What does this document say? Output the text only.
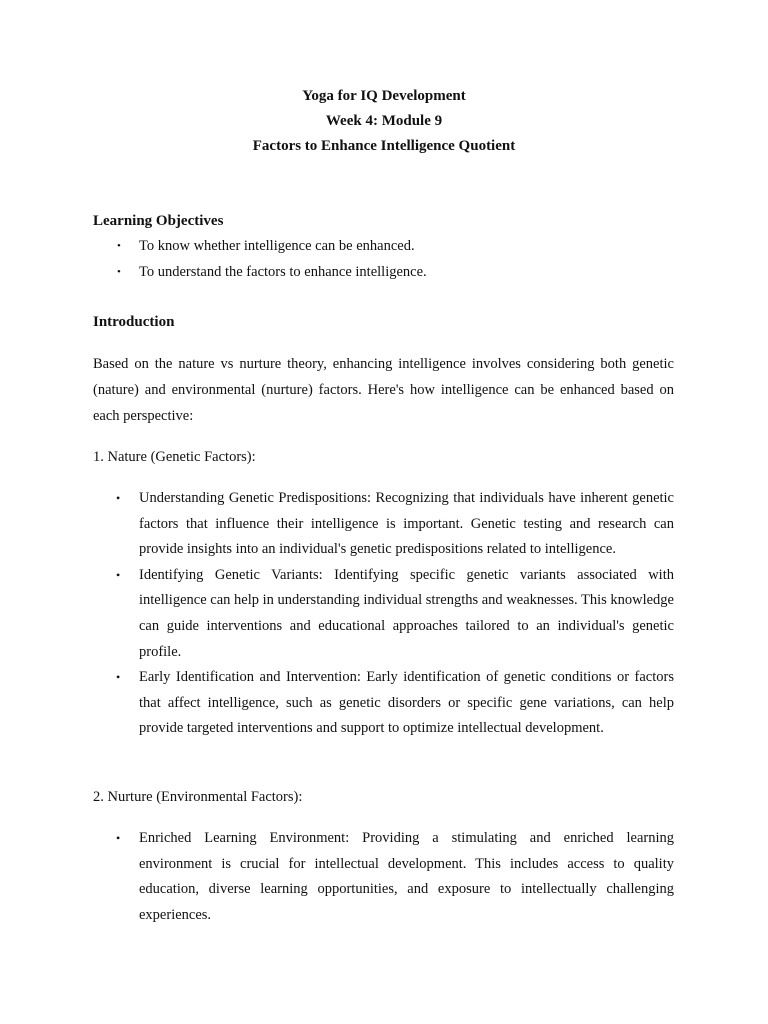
Yoga for IQ Development
Week 4: Module 9
Factors to Enhance Intelligence Quotient
Learning Objectives
• To know whether intelligence can be enhanced.
• To understand the factors to enhance intelligence.
Introduction

Based on the nature vs nurture theory, enhancing intelligence involves considering both genetic (nature) and environmental (nurture) factors. Here's how intelligence can be enhanced based on each perspective:

1. Nature (Genetic Factors):
• Understanding Genetic Predispositions: Recognizing that individuals have inherent genetic factors that influence their intelligence is important. Genetic testing and research can provide insights into an individual's genetic predispositions related to intelligence.
• Identifying Genetic Variants: Identifying specific genetic variants associated with intelligence can help in understanding individual strengths and weaknesses. This knowledge can guide interventions and educational approaches tailored to an individual's genetic profile.
• Early Identification and Intervention: Early identification of genetic conditions or factors that affect intelligence, such as genetic disorders or specific gene variations, can help provide targeted interventions and support to optimize intellectual development.
2. Nurture (Environmental Factors):
• Enriched Learning Environment: Providing a stimulating and enriched learning environment is crucial for intellectual development. This includes access to quality education, diverse learning opportunities, and exposure to intellectually challenging experiences.
